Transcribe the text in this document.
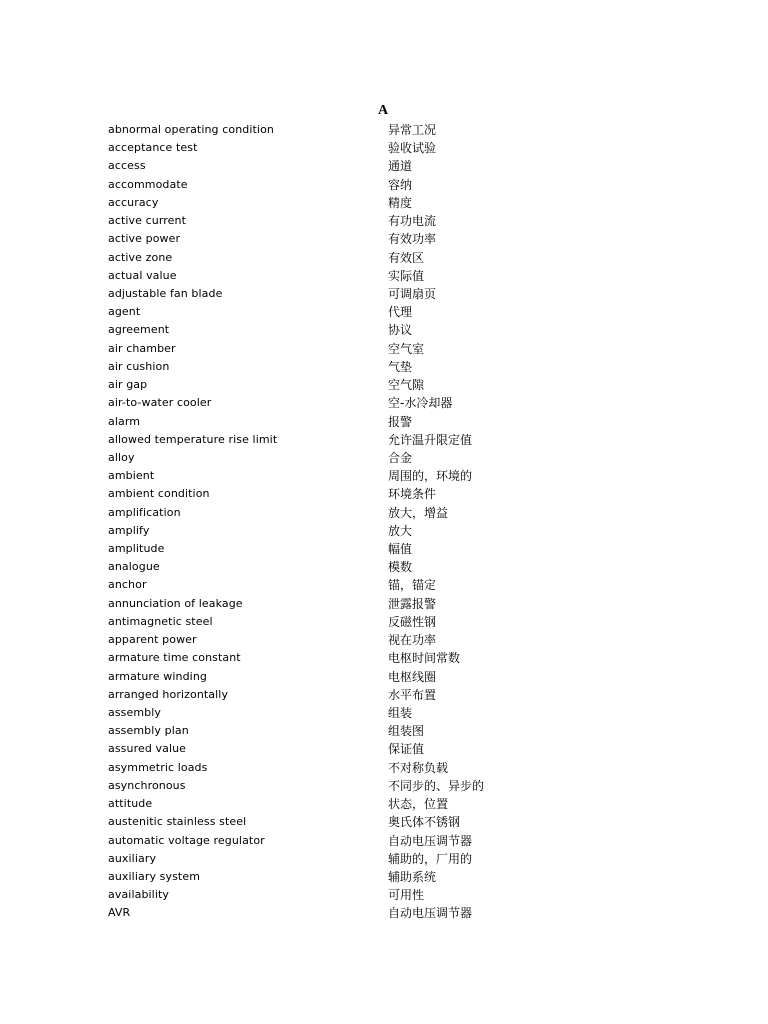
A
abnormal operating condition	异常工况
acceptance test	验收试验
access	通道
accommodate	容纳
accuracy	精度
active current	有功电流
active power	有效功率
active zone	有效区
actual value	实际值
adjustable fan blade	可调扇页
agent	代理
agreement	协议
air chamber	空气室
air cushion	气垫
air gap	空气隙
air-to-water cooler	空-水冷却器
alarm	报警
allowed temperature rise limit	允许温升限定值
alloy	合金
ambient	周围的，环境的
ambient condition	环境条件
amplification	放大，增益
amplify	放大
amplitude	幅值
analogue	模数
anchor	锚，锚定
annunciation of leakage	泄露报警
antimagnetic steel	反磁性钢
apparent power	视在功率
armature time constant	电枢时间常数
armature winding	电枢线圈
arranged horizontally	水平布置
assembly	组装
assembly plan	组装图
assured value	保证值
asymmetric loads	不对称负载
asynchronous	不同步的、异步的
attitude	状态，位置
austenitic stainless steel	奥氏体不锈钢
automatic voltage regulator	自动电压调节器
auxiliary	辅助的，厂用的
auxiliary system	辅助系统
availability	可用性
AVR	自动电压调节器
